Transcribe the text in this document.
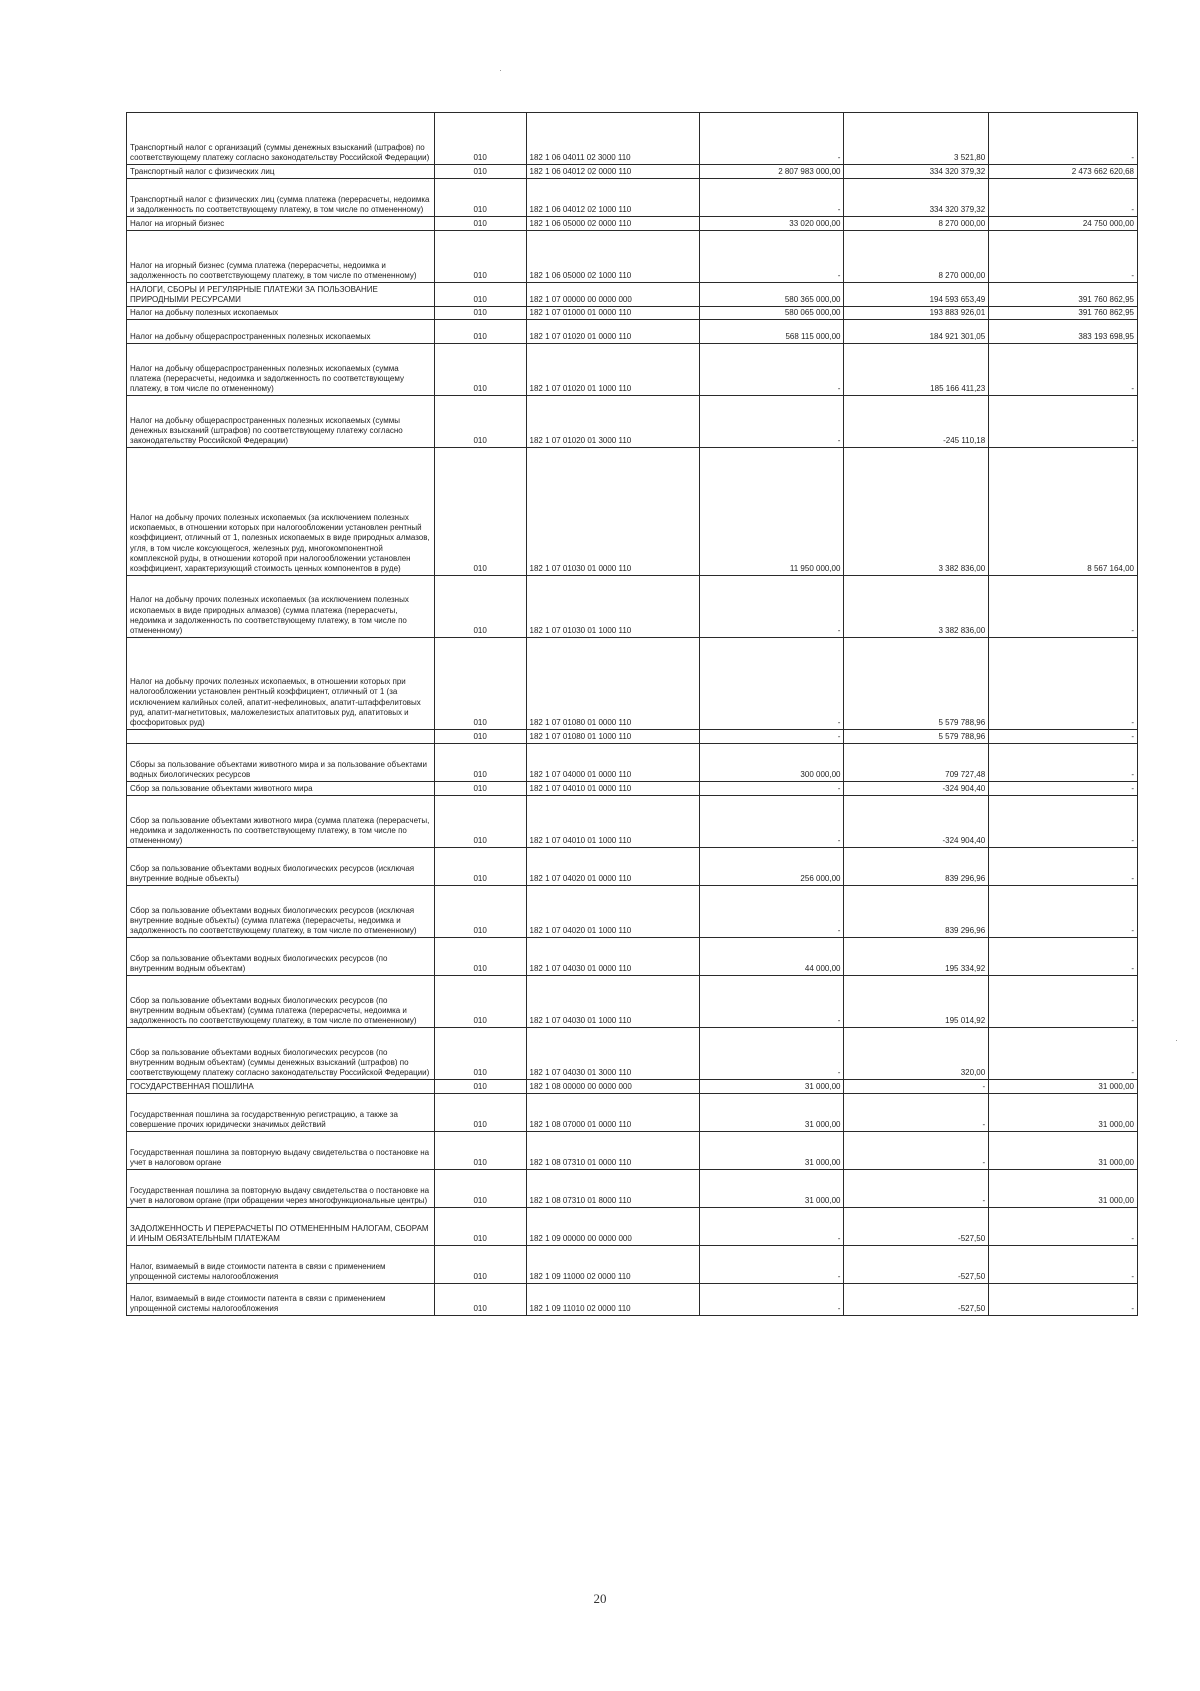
Транспортный налог с организаций (суммы денежных взысканий (штрафов) по соответствующему платежу согласно законодательству Российской Федерации)	010	182 1 06 04011 02 3000 110	-	3 521,80	-
Транспортный налог с физических лиц	010	182 1 06 04012 02 0000 110	2 807 983 000,00	334 320 379,32	2 473 662 620,68
Транспортный налог с физических лиц (сумма платежа (перерасчеты, недоимка и задолженность по соответствующему платежу, в том числе по отмененному)	010	182 1 06 04012 02 1000 110	-	334 320 379,32	-
Налог на игорный бизнес	010	182 1 06 05000 02 0000 110	33 020 000,00	8 270 000,00	24 750 000,00
Налог на игорный бизнес (сумма платежа (перерасчеты, недоимка и задолженность по соответствующему платежу, в том числе по отмененному)	010	182 1 06 05000 02 1000 110	-	8 270 000,00	-
НАЛОГИ, СБОРЫ И РЕГУЛЯРНЫЕ ПЛАТЕЖИ ЗА ПОЛЬЗОВАНИЕ ПРИРОДНЫМИ РЕСУРСАМИ	010	182 1 07 00000 00 0000 000	580 365 000,00	194 593 653,49	391 760 862,95
Налог на добычу полезных ископаемых	010	182 1 07 01000 01 0000 110	580 065 000,00	193 883 926,01	391 760 862,95
Налог на добычу общераспространенных полезных ископаемых	010	182 1 07 01020 01 0000 110	568 115 000,00	184 921 301,05	383 193 698,95
Налог на добычу общераспространенных полезных ископаемых (сумма платежа (перерасчеты, недоимка и задолженность по соответствующему платежу, в том числе по отмененному)	010	182 1 07 01020 01 1000 110	-	185 166 411,23	-
Налог на добычу общераспространенных полезных ископаемых (суммы денежных взысканий (штрафов) по соответствующему платежу согласно законодательству Российской Федерации)	010	182 1 07 01020 01 3000 110	-	-245 110,18	-
Налог на добычу прочих полезных ископаемых (за исключением полезных ископаемых, в отношении которых при налогообложении установлен рентный коэффициент, отличный от 1, полезных ископаемых в виде природных алмазов, угля, в том числе коксующегося, железных руд, многокомпонентной комплексной руды, в отношении которой при налогообложении установлен коэффициент, характеризующий стоимость ценных компонентов в руде)	010	182 1 07 01030 01 0000 110	11 950 000,00	3 382 836,00	8 567 164,00
Налог на добычу прочих полезных ископаемых (за исключением полезных ископаемых в виде природных алмазов) (сумма платежа (перерасчеты, недоимка и задолженность по соответствующему платежу, в том числе по отмененному)	010	182 1 07 01030 01 1000 110	-	3 382 836,00	-
Налог на добычу прочих полезных ископаемых, в отношении которых при налогообложении установлен рентный коэффициент, отличный от 1 (за исключением калийных солей, апатит-нефелиновых, апатит-штаффелитовых руд, апатит-магнетитовых, маложелезистых апатитовых руд, апатитовых и фосфоритовых руд)	010	182 1 07 01080 01 0000 110	-	5 579 788,96	-
	010	182 1 07 01080 01 1000 110	-	5 579 788,96	-
Сборы за пользование объектами животного мира и за пользование объектами водных биологических ресурсов	010	182 1 07 04000 01 0000 110	300 000,00	709 727,48	-
Сбор за пользование объектами животного мира	010	182 1 07 04010 01 0000 110	-	-324 904,40	-
Сбор за пользование объектами животного мира (сумма платежа (перерасчеты, недоимка и задолженность по соответствующему платежу, в том числе по отмененному)	010	182 1 07 04010 01 1000 110	-	-324 904,40	-
Сбор за пользование объектами водных биологических ресурсов (исключая внутренние водные объекты)	010	182 1 07 04020 01 0000 110	256 000,00	839 296,96	-
Сбор за пользование объектами водных биологических ресурсов (исключая внутренние водные объекты) (сумма платежа (перерасчеты, недоимка и задолженность по соответствующему платежу, в том числе по отмененному)	010	182 1 07 04020 01 1000 110	-	839 296,96	-
Сбор за пользование объектами водных биологических ресурсов (по внутренним водным объектам)	010	182 1 07 04030 01 0000 110	44 000,00	195 334,92	-
Сбор за пользование объектами водных биологических ресурсов (по внутренним водным объектам) (сумма платежа (перерасчеты, недоимка и задолженность по соответствующему платежу, в том числе по отмененному)	010	182 1 07 04030 01 1000 110	-	195 014,92	-
Сбор за пользование объектами водных биологических ресурсов (по внутренним водным объектам) (суммы денежных взысканий (штрафов) по соответствующему платежу согласно законодательству Российской Федерации)	010	182 1 07 04030 01 3000 110	-	320,00	-
ГОСУДАРСТВЕННАЯ ПОШЛИНА	010	182 1 08 00000 00 0000 000	31 000,00	-	31 000,00
Государственная пошлина за государственную регистрацию, а также за совершение прочих юридически значимых действий	010	182 1 08 07000 01 0000 110	31 000,00	-	31 000,00
Государственная пошлина за повторную выдачу свидетельства о постановке на учет в налоговом органе	010	182 1 08 07310 01 0000 110	31 000,00	-	31 000,00
Государственная пошлина за повторную выдачу свидетельства о постановке на учет в налоговом органе (при обращении через многофункциональные центры)	010	182 1 08 07310 01 8000 110	31 000,00	-	31 000,00
ЗАДОЛЖЕННОСТЬ И ПЕРЕРАСЧЕТЫ ПО ОТМЕНЕННЫМ НАЛОГАМ, СБОРАМ И ИНЫМ ОБЯЗАТЕЛЬНЫМ ПЛАТЕЖАМ	010	182 1 09 00000 00 0000 000	-	-527,50	-
Налог, взимаемый в виде стоимости патента в связи с применением упрощенной системы налогообложения	010	182 1 09 11000 02 0000 110	-	-527,50	-
Налог, взимаемый в виде стоимости патента в связи с применением упрощенной системы налогообложения	010	182 1 09 11010 02 0000 110	-	-527,50	-
20
